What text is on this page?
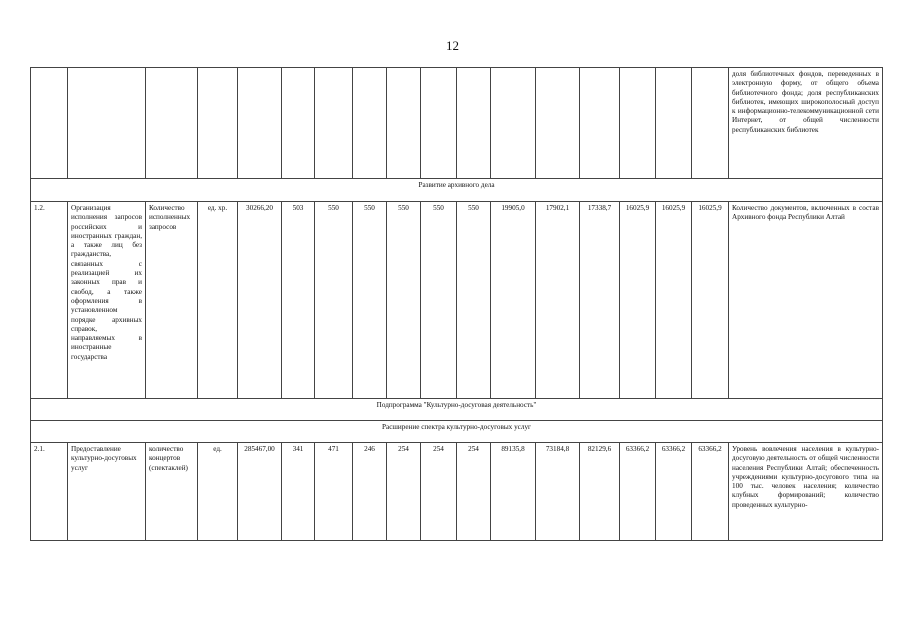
12
																	доля библиотечных фондов, переведенных в электронную форму, от общего объема библиотечного фонда; доля республиканских библиотек, имеющих широкополосный доступ к информационно-телекоммуникационной сети Интернет, от общей численности республиканских библиотек
Развитие архивного дела																	
1.2.	Организация исполнения запросов российских и иностранных граждан, а также лиц без гражданства, связанных с реализацией их законных прав и свобод, а также оформления в установленном порядке архивных справок, направляемых в иностранные государства	Количество исполненных запросов	ед. хр.	30266,20	503	550	550	550	550	550	19905,0	17902,1	17338,7	16025,9	16025,9	16025,9	Количество документов, включенных в состав Архивного фонда Республики Алтай
Подпрограмма "Культурно-досуговая деятельность"																	
Расширение спектра культурно-досуговых услуг																	
2.1.	Предоставление культурно-досуговых услуг	количество концертов (спектаклей)	ед.	285467,00	341	471	246	254	254	254	89135,8	73184,8	82129,6	63366,2	63366,2	63366,2	Уровень вовлечения населения в культурно-досуговую деятельность от общей численности населения Республики Алтай; обеспеченность учреждениями культурно-досугового типа на 100 тыс. человек населения; количество клубных формирований; количество проведенных культурно-
